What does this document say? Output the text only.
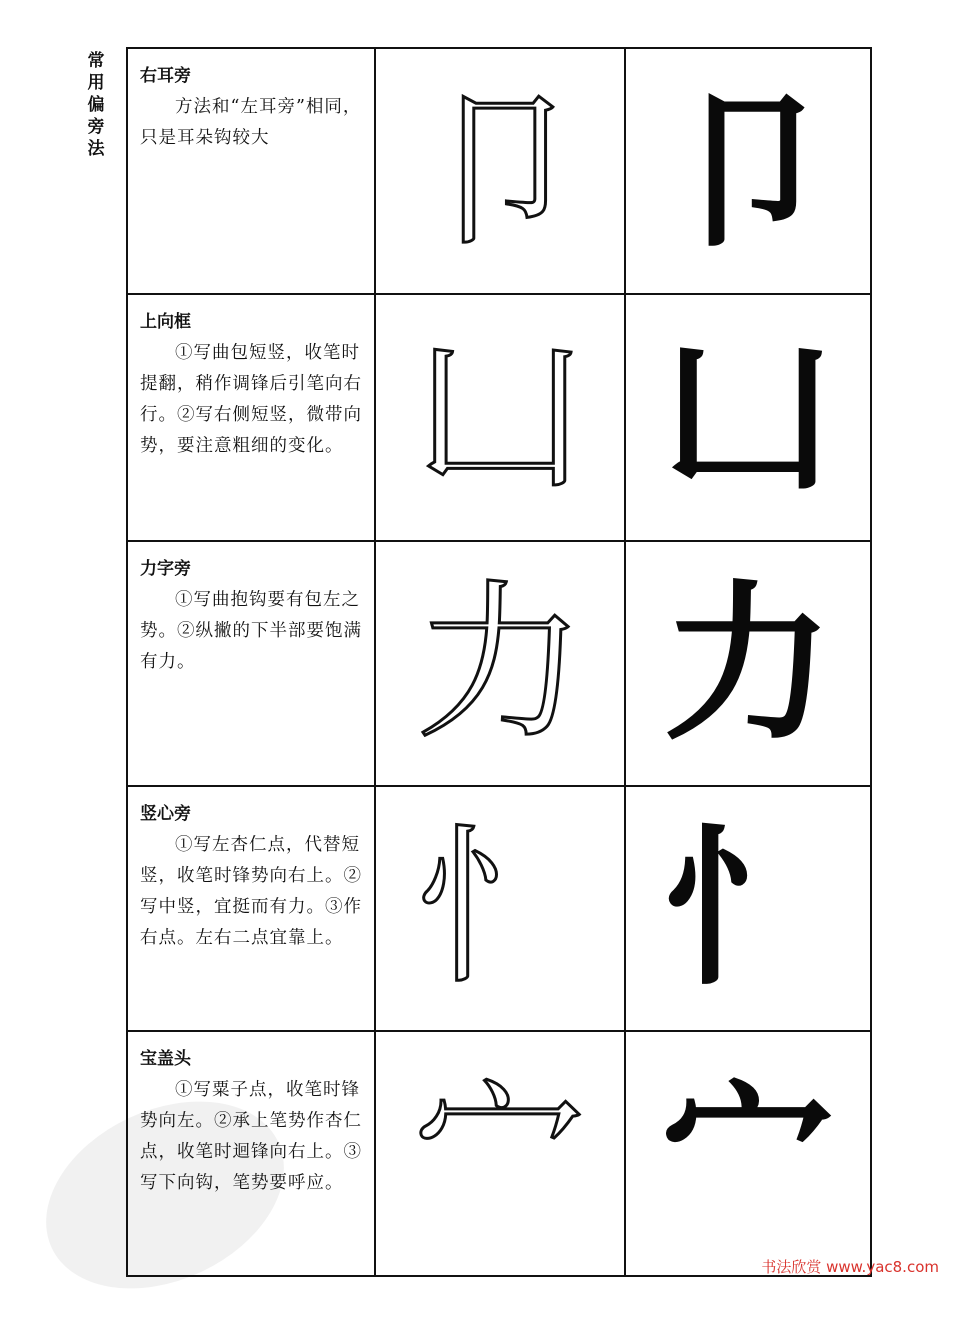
常
用
偏
旁
法
右耳旁
方法和“左耳旁”相同，只是耳朵钩较大 卩 卩
上向框
①写曲包短竖，收笔时提翻，稍作调锋后引笔向右行。②写右侧短竖，微带向势，要注意粗细的变化。 凵 凵
力字旁
①写曲抱钩要有包左之势。②纵撇的下半部要饱满有力。	力 力
竖心旁
①写左杏仁点，代替短竖，收笔时锋势向右上。②写中竖，宜挺而有力。③作右点。左右二点宜靠上。 忄 忄
宝盖头
①写粟子点，收笔时锋势向左。②承上笔势作杏仁点，收笔时迴锋向右上。③写下向钩，笔势要呼应。 宀 宀
书法欣赏 www.yac8.com
